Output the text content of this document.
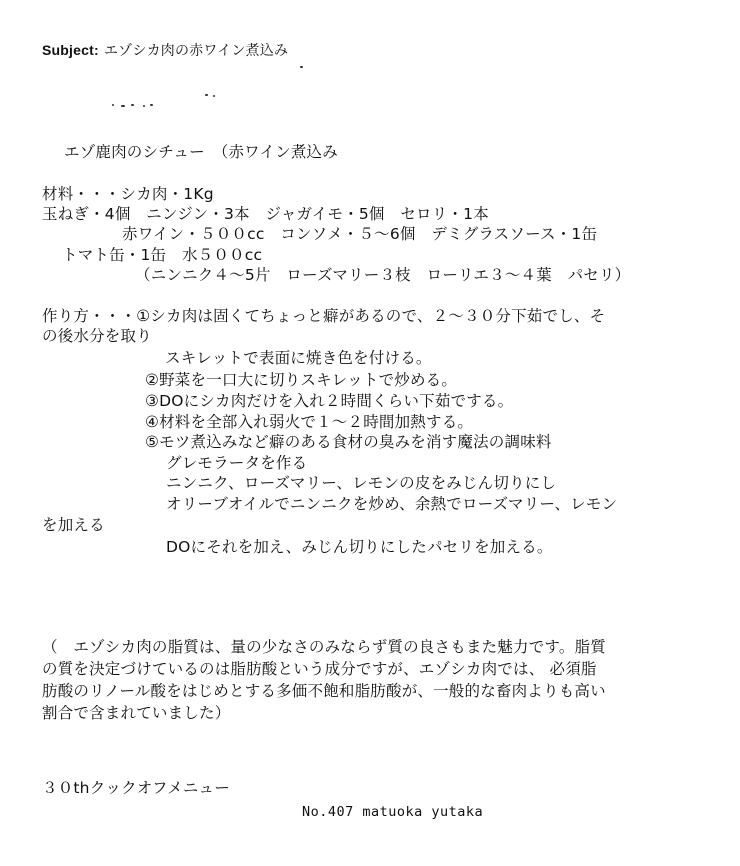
Subject: エゾシカ肉の赤ワイン煮込み
エゾ鹿肉のシチュー　（赤ワイン煮込み
材料・・・シカ肉・1Kg
玉ねぎ・4個　ニンジン・3本　ジャガイモ・5個　セロリ・1本
赤ワイン・５００cc　コンソメ・５～6個　デミグラスソース・1缶
トマト缶・1缶　水５００cc
（ニンニク４～5片　ローズマリー３枝　ローリエ３～４葉　パセリ）
作り方・・・①シカ肉は固くてちょっと癖があるので、２～３０分下茹でし、そ
の後水分を取り
スキレットで表面に焼き色を付ける。
②野菜を一口大に切りスキレットで炒める。
③DOにシカ肉だけを入れ２時間くらい下茹でする。
④材料を全部入れ弱火で１～２時間加熱する。
⑤モツ煮込みなど癖のある食材の臭みを消す魔法の調味料
グレモラータを作る
ニンニク、ローズマリー、レモンの皮をみじん切りにし
オリーブオイルでニンニクを炒め、余熱でローズマリー、レモン
を加える
DOにそれを加え、みじん切りにしたパセリを加える。
（　エゾシカ肉の脂質は、量の少なさのみならず質の良さもまた魅力です。脂質
の質を決定づけているのは脂肪酸という成分ですが、エゾシカ肉では、 必須脂
肪酸のリノール酸をはじめとする多価不飽和脂肪酸が、一般的な畜肉よりも高い
割合で含まれていました）
３０thクックオフメニュー
No.407 matuoka yutaka
